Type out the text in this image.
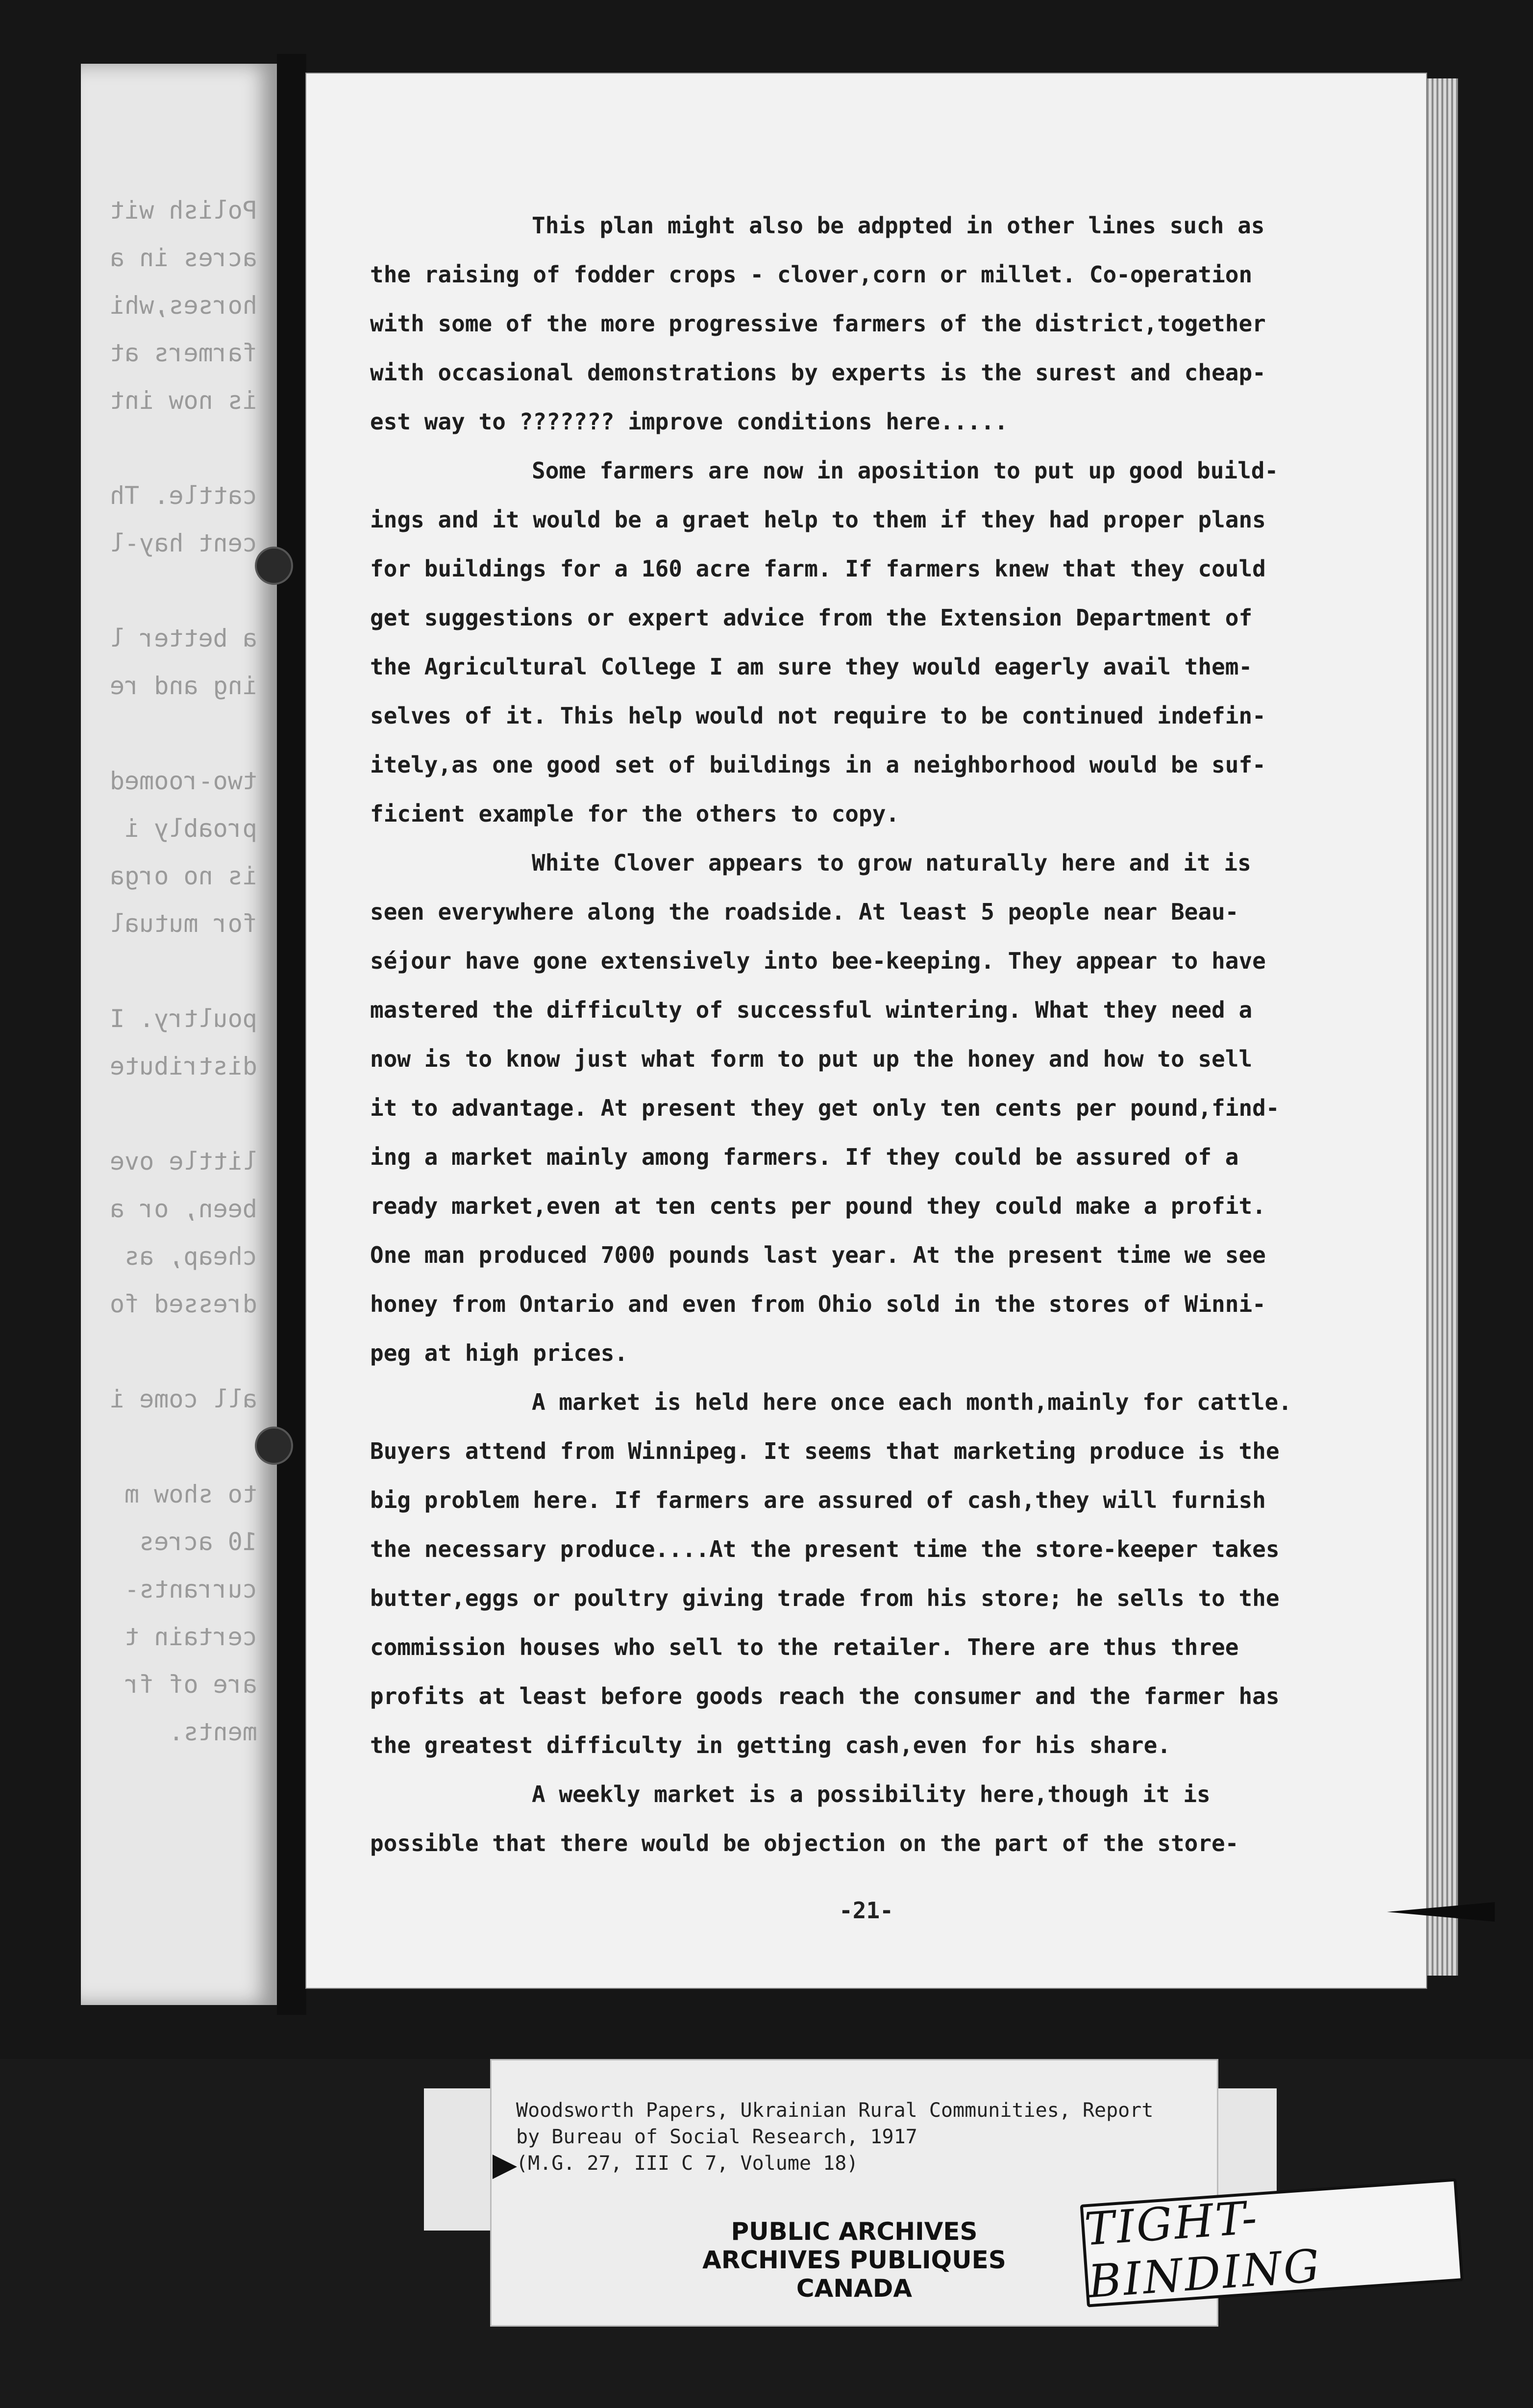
Polish wit
acres in a
horses,whi
farmers at
is now int
cattle. Th
cent hay-l
a better l
ing and re
two-roomed
proably i
is no orga
for mutual
poultry. I
distribute
little ove
been, or a
cheap, as
dressed fo
all come i
to show m
10 acres
currants-
certain t
are of fr
ments.

This plan might also be adppted in other lines such as

the raising of fodder crops - clover,corn or millet. Co-operation

with some of the more progressive farmers of the district,together

with occasional demonstrations by experts is the surest and cheap-

est way to ??????? improve conditions here.....

Some farmers are now in aposition to put up good build-

ings and it would be a graet help to them if they had proper plans

for buildings for a 160 acre farm. If farmers knew that they could

get suggestions or expert advice from the Extension Department of

the Agricultural College I am sure they would eagerly avail them-

selves of it. This help would not require to be continued indefin-

itely,as one good set of buildings in a neighborhood would be suf-

ficient example for the others to copy.

White Clover appears to grow naturally here and it is

seen everywhere along the roadside. At least 5 people near Beau-

séjour have gone extensively into bee-keeping. They appear to have

mastered the difficulty of successful wintering. What they need a

now is to know just what form to put up the honey and how to sell

it to advantage. At present they get only ten cents per pound,find-

ing a market mainly among farmers. If they could be assured of a

ready market,even at ten cents per pound they could make a profit.

One man produced 7000 pounds last year. At the present time we see

honey from Ontario and even from Ohio sold in the stores of Winni-

peg at high prices.

A market is held here once each month,mainly for cattle.

Buyers attend from Winnipeg. It seems that marketing produce is the

big problem here. If farmers are assured of cash,they will furnish

the necessary produce....At the present time the store-keeper takes

butter,eggs or poultry giving trade from his store; he sells to the

commission houses who sell to the retailer. There are thus three

profits at least before goods reach the consumer and the farmer has

the greatest difficulty in getting cash,even for his share.

A weekly market is a possibility here,though it is

possible that there would be objection on the part of the store-

-21-
Woodsworth Papers, Ukrainian Rural Communities, Report
by Bureau of Social Research, 1917
(M.G. 27, III C 7, Volume 18)
PUBLIC ARCHIVES
ARCHIVES PUBLIQUES
CANADA
TIGHT-BINDING
